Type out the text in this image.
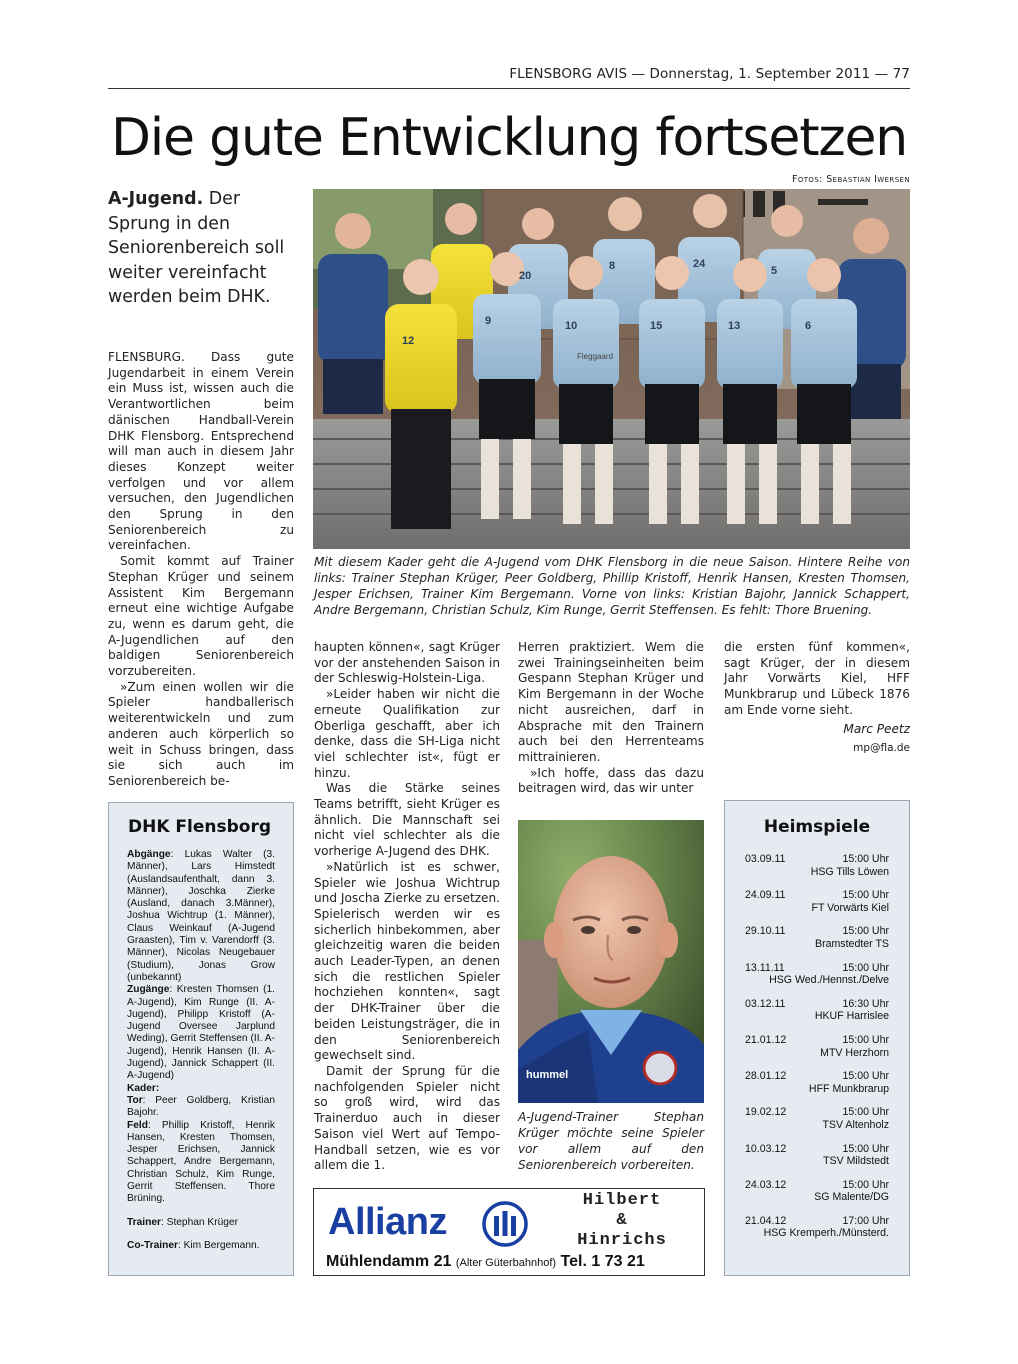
FLENSBORG AVIS — Donnerstag, 1. September 2011 — 77
Die gute Entwicklung fortsetzen
Fotos: Sebastian Iwersen
A-Jugend. Der Sprung in den Seniorenbereich soll weiter vereinfacht werden beim DHK.
12
9	10	15	13	6
20
8	24
5
Fleggaard
Mit diesem Kader geht die A-Jugend vom DHK Flensborg in die neue Saison. Hintere Reihe von links: Trainer Stephan Krüger, Peer Goldberg, Phillip Kristoff, Henrik Hansen, Kresten Thomsen, Jesper Erichsen, Trainer Kim Bergemann. Vorne von links: Kristian Bajohr, Jannick Schappert, Andre Bergemann, Christian Schulz, Kim Runge, Gerrit Steffensen. Es fehlt: Thore Bruening.

FLENSBURG. Dass gute Jugendarbeit in einem Verein ein Muss ist, wissen auch die Verantwortlichen beim dänischen Handball-Verein DHK Flensborg. Entsprechend will man auch in diesem Jahr dieses Konzept weiter verfolgen und vor allem versuchen, den Jugendlichen den Sprung in den Seniorenbereich zu vereinfachen.

Somit kommt auf Trainer Stephan Krüger und seinem Assistent Kim Bergemann erneut eine wichtige Aufgabe zu, wenn es darum geht, die A-Jugendlichen auf den baldigen Seniorenbereich vorzubereiten.

»Zum einen wollen wir die Spieler handballerisch weiterentwickeln und zum anderen auch körperlich so weit in Schuss bringen, dass sie sich auch im Seniorenbereich be-

haupten können«, sagt Krüger vor der anstehenden Saison in der Schleswig-Holstein-Liga.

»Leider haben wir nicht die erneute Qualifikation zur Oberliga geschafft, aber ich denke, dass die SH-Liga nicht viel schlechter ist«, fügt er hinzu.

Was die Stärke seines Teams betrifft, sieht Krüger es ähnlich. Die Mannschaft sei nicht viel schlechter als die vorherige A-Jugend des DHK.

»Natürlich ist es schwer, Spieler wie Joshua Wichtrup und Joscha Zierke zu ersetzen. Spielerisch werden wir es sicherlich hinbekommen, aber gleichzeitig waren die beiden auch Leader-Typen, an denen sich die restlichen Spieler hochziehen konnten«, sagt der DHK-Trainer über die beiden Leistungsträger, die in den Seniorenbereich gewechselt sind.

Damit der Sprung für die nachfolgenden Spieler nicht so groß wird, wird das Trainerduo auch in dieser Saison viel Wert auf Tempo-Handball setzen, wie es vor allem die 1.

Herren praktiziert. Wem die zwei Trainingseinheiten beim Gespann Stephan Krüger und Kim Bergemann in der Woche nicht ausreichen, darf in Absprache mit den Trainern auch bei den Herrenteams mittrainieren.

»Ich hoffe, dass das dazu beitragen wird, das wir unter

die ersten fünf kommen«, sagt Krüger, der in diesem Jahr Vorwärts Kiel, HFF Munkbrarup und Lübeck 1876 am Ende vorne sieht.

Marc Peetz
mp@fla.de
hummel
A-Jugend-Trainer Stephan Krüger möchte seine Spieler vor allem auf den Seniorenbereich vorbereiten.
DHK Flensborg

Abgänge: Lukas Walter (3. Männer), Lars Himstedt (Auslandsaufenthalt, dann 3. Männer), Joschka Zierke (Ausland, danach 3.Männer), Joshua Wichtrup (1. Männer), Claus Weinkauf (A-Jugend Graasten), Tim v. Varendorff (3. Männer), Nicolas Neugebauer (Studium), Jonas Grow (unbekannt)

Zugänge: Kresten Thomsen (1. A-Jugend), Kim Runge (II. A-Jugend), Philipp Kristoff (A-Jugend Oversee Jarplund Weding), Gerrit Steffensen (II. A-Jugend), Henrik Hansen (II. A-Jugend), Jannick Schappert (II. A-Jugend)

Kader:

Tor: Peer Goldberg, Kristian Bajohr.

Feld: Phillip Kristoff, Henrik Hansen, Kresten Thomsen, Jesper Erichsen, Jannick Schappert, Andre Bergemann, Christian Schulz, Kim Runge, Gerrit Steffensen. Thore Brüning.

Trainer: Stephan Krüger

Co-Trainer: Kim Bergemann.

Heimspiele
03.09.11	15:00 Uhr
HSG Tills Löwen
24.09.11	15:00 Uhr
FT Vorwärts Kiel
29.10.11	15:00 Uhr
Bramstedter TS
13.11.11	15:00 Uhr
HSG Wed./Hennst./Delve
03.12.11	16:30 Uhr
HKUF Harrislee
21.01.12	15:00 Uhr
MTV Herzhorn
28.01.12	15:00 Uhr
HFF Munkbrarup
19.02.12	15:00 Uhr
TSV Altenholz
10.03.12	15:00 Uhr
TSV Mildstedt
24.03.12	15:00 Uhr
SG Malente/DG
21.04.12	17:00 Uhr
HSG Kremperh./Münsterd.
Allianz
Hilbert
&
Hinrichs
Mühlendamm 21 (Alter Güterbahnhof) Tel. 1 73 21
